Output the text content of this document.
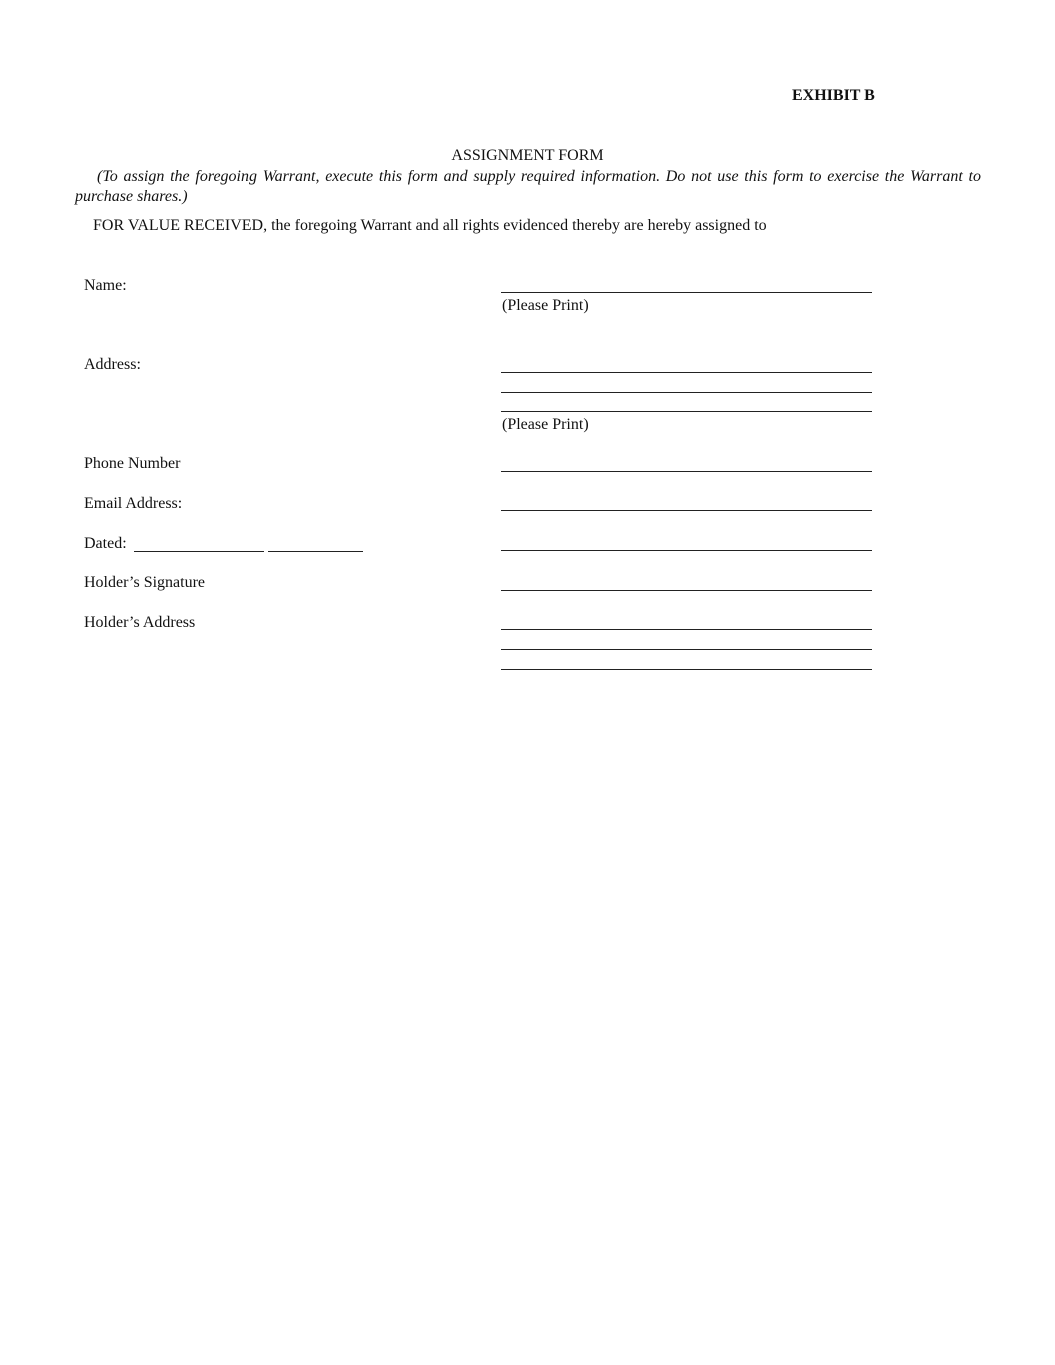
EXHIBIT B
ASSIGNMENT FORM
(To assign the foregoing Warrant, execute this form and supply required information. Do not use this form to exercise the Warrant to purchase shares.)
FOR VALUE RECEIVED, the foregoing Warrant and all rights evidenced thereby are hereby assigned to
Name:
(Please Print)
Address:
(Please Print)
Phone Number
Email Address:
Dated:
Holder’s Signature
Holder’s Address
